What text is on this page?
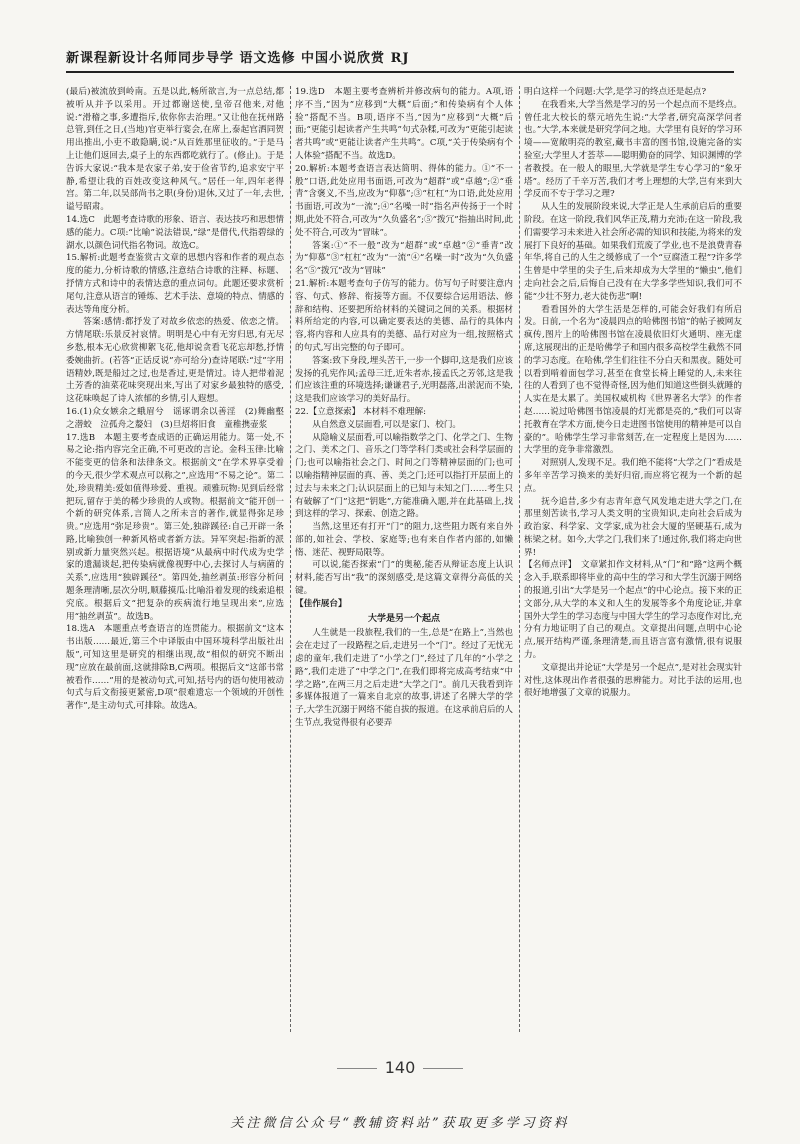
新课程新设计名师同步导学 语文选修 中国小说欣赏 RJ

(最后)被流放到岭南。五是以此,畅所欲言,为一点总结,都被听从并予以采用。开过都谢送使,皇帝召他来,对他说:“滑稽之事,多遭指斥,依你你去治理。”又让他在抚州路总管,到任之日,(当地)官吏举行宴会,在席上,泰起官洒同贺用出推出,小吏不敢隐瞒,说:“从百姓那里征收的。”于是马上让他们返回去,桌子上的东西都吃就行了。(修止)。于是告诉大家说:“我本是农家子弟,安于俭省节约,追求安宁平静,希望让我的百姓改变这种风气。”居任一年,四年老得宫。第二年,以吴部尚书之职(身份)退休,又过了一年,去世,谥号昭肃。

14.选C　此题考查诗歌的形象、语言、表达技巧和思想情感的能力。C项:“比喻”说法错误,“绿”是借代,代指碧绿的湖水,以颜色词代指名物词。故选C。

15.解析:此题考查鉴赏古文章的思想内容和作者的观点态度的能力,分析诗歌的情感,注意结合诗歌的注释、标题、抒情方式和诗中的表情达意的重点词句。此题还要求赏析尾句,注意从语言的锤炼、艺术手法、意境的特点、情感的表达等角度分析。

答案:感情:都抒发了对故乡依恋的热爱、依恋之情。方情尾联:乐景反衬哀情。明明是心中有无穷归思,有无尽乡愁,根本无心欣赏柳絮飞花,他却说贪看飞花忘却愁,抒情委婉曲折。(若答“正话反说”亦可给分)查诗尾联:“过”字用语精妙,既是船过之过,也是香过,更是情过。诗人把带着泥土芳香的油菜花味突现出来,写出了对家乡最独特的感受,这花味唤起了诗人浓郁的乡情,引人遐想。

16.(1)众女嫉余之蛾眉兮　谣诼谓余以善淫　(2)舞幽壑之潜蛟　泣孤舟之嫠妇　(3)旦炤将旧食　童稚携壶浆

17.选B　本题主要考查成语的正确运用能力。第一处,不易之论:指内容完全正确,不可更改的言论。金科玉律:比喻不能变更的信条和法律条文。根据前文“在学术界享受着的今天,很少学术观点可以称之”,应选用“不易之论”。第二处,珍贵精美:爱如值得珍爱、重视。顽雅玩物:见到后经常把玩,留存于美的稀少珍贵的人或物。根据前文“能开创一个新的研究体系,言简人之所未言的著作,就显得弥足珍贵。”应选用“弥足珍贵”。第三处,独辟蹊径:自己开辟一条路,比喻独创一种新风格或者新方法。异军突起:指新的派别或新力量突然兴起。根据语境“从最病中时代成为史学家的遗漏谈起,把传染病就像视野中心,去探讨人与病菌的关系”,应选用“独辟蹊径”。第四处,抽丝剥茧:形容分析问题条理清晰,层次分明,顺藤摸瓜:比喻沿着发现的线索追根究底。根据后文“把复杂的疾病流行地呈现出来”,应选用“抽丝剥茧”。故选B。

18.选A　本题重点考查语言的连贯能力。根据前文“这本书出版……最近,第三个中译版由中国环境科学出版社出版”,可知这里是研究的相继出现,故“相似的研究不断出现”应放在最前面,这就排除B,C两项。根据后文“这部书常被看作……”用的是被动句式,可知,括号内的语句使用被动句式与后文衔接更紧密,D项“很难遗忘一个领域的开创性著作”,是主动句式,可排除。故选A。

19.选D　本题主要考查辨析并修改病句的能力。A项,语序不当,“因为”应移到“大概”后面;“和传染病有个人体验”搭配不当。B项,语序不当,“因为”应移到“大概”后面;“更能引起读者产生共鸣”句式杂糅,可改为“更能引起读者共鸣”或“更能让读者产生共鸣”。C项,“关于传染病有个人体验”搭配不当。故选D。

20.解析:本题考查语言表达简明、得体的能力。①“不一般”口语,此处应用书面语,可改为“超群”或“卓越”;②“垂青”含褒义,不当,应改为“仰慕”;③“杠杠”为口语,此处应用书面语,可改为“一流”;④“名噪一时”指名声传扬于一个时期,此处不符合,可改为“久负盛名”;⑤“拨冗”指抽出时间,此处不符合,可改为“冒昧”。

答案:①“不一般”改为“超群”或“卓越”②“垂青”改为“仰慕”③“杠杠”改为“一流”④“名噪一时”改为“久负盛名”⑤“拨冗”改为“冒昧”

21.解析:本题考查句子仿写的能力。仿写句子时要注意内容、句式、修辞、衔接等方面。不仅要综合运用语法、修辞和结构、还要把所给材料的关键词之间的关系。根据材料所给定的内容,可以确定要表达的美德、品行的具体内容,将内容和人应具有的美德、品行对应为一组,按照格式的句式,写出完整的句子即可。

答案:致下身段,埋头苦干,一步一个脚印,这是我们应该发扬的孔宪作风;孟母三迁,近朱者赤,接孟氏之芳邻,这是我们应该注重的环境选择;谦谦君子,光明磊落,出淤泥而不染,这是我们应该学习的美好品行。

22.【立意探索】 本材料不难理解:

从自然意义层面看,可以是家门、校门。

从隐喻义层面看,可以喻指数学之门、化学之门、生物之门、美术之门、音乐之门等学科门类或社会科学层面的门;也可以喻指社会之门、时间之门等精神层面的门;也可以喻指精神层面的真、善、美之门;还可以指打开层面上的过去与未来之门;认识层面上的已知与未知之门……考生只有破解了“门”这把“钥匙”,方能准确入题,并在此基础上,找到这样的学习、探索、创造之路。

当然,这里还有打开“门”的阻力,这些阻力既有来自外部的,如社会、学校、家庭等;也有来自作者内部的,如懒惰、迷茫、视野局限等。

可以说,能否探索“门”的奥秘,能否从辩证态度上认识材料,能否写出“我”的深刻感受,是这篇文章得分高低的关键。

【佳作展台】

大学是另一个起点

人生就是一段旅程,我们的一生,总是“在路上”,当然也会在走过了一段路程之后,走进另一个“门”。经过了无忧无虑的童年,我们走进了“小学之门”,经过了几年的“小学之路”,我们走进了“中学之门”,在我们即将完成高考结束“中学之路”,在两三月之后走进“大学之门”。前几天我看到许多媒体报道了一篇来自北京的故事,讲述了名牌大学的学子,大学生沉溺于网络不能自拔的报道。在这承前启后的人生节点,我觉得很有必要弄

明白这样一个问题:大学,是学习的终点还是起点?

在我看来,大学当然是学习的另一个起点而不是终点。曾任北大校长的蔡元培先生说:“大学者,研究高深学问者也。”大学,本来就是研究学问之地。大学里有良好的学习环境——宽敞明亮的教室,藏书丰富的图书馆,设施完备的实验室;大学里人才荟萃——聪明勤奋的同学、知识渊博的学者教授。在一般人的眼里,大学就是学生专心学习的“象牙塔”。经历了千辛万苦,我们才考上理想的大学,岂有来到大学反而不专于学习之理?

从人生的发展阶段来说,大学正是人生承前启后的重要阶段。在这一阶段,我们风华正茂,精力充沛;在这一阶段,我们需要学习未来进入社会所必需的知识和技能,为将来的发展打下良好的基础。如果我们荒废了学业,也不是浪费青春年华,将自己的人生之缓修成了一个“豆腐渣工程”?许多学生曾是中学里的尖子生,后来却成为大学里的“懒虫”,他们走向社会之后,后悔自己没有在大学多学些知识,我们可不能“少壮不努力,老大徒伤悲”啊!

看看国外的大学生活是怎样的,可能会好我们有所启发。日前,一个名为“凌晨四点的哈佛图书馆”的帖子被网友疯传,图片上的哈佛图书馆在凌晨依旧灯火通明、座无虚席,这展现出的正是哈佛学子和国内很多高校学生截然不同的学习态度。在哈佛,学生们往往不分白天和黑夜。随处可以看到啃着面包学习,甚至在食堂长椅上睡觉的人,未来往往的人看到了也不觉得奇怪,因为他们知道这些倒头就睡的人实在是太累了。美国权威机构《世界著名大学》的作者赵……说过哈佛图书馆凌晨的灯光都是亮的,“我们可以寄托教育在学术方面,使今日走进图书馆使用的精神是可以自豪的”。哈佛学生学习非常刻苦,在一定程度上是因为……大学里的竞争非常激烈。

对照别人,发现不足。我们绝不能将“大学之门”看成是多年辛苦学习换来的美好归宿,而应将它视为一个新的起点。

抚今追昔,多少有志青年意气风发地走进大学之门,在那里刻苦读书,学习人类文明的宝贵知识,走向社会后成为政治家、科学家、文学家,成为社会大厦的坚硬基石,成为栋梁之材。如今,大学之门,我们来了!通过你,我们将走向世界!

【名师点评】　文章紧扣作文材料,从“门”和“路”这两个概念入手,联系即将毕业的高中生的学习和大学生沉溺于网络的报道,引出“大学是另一个起点”的中心论点。接下来的正文部分,从大学的本义和人生的发展等多个角度论证,并拿国外大学生的学习态度与中国大学生的学习态度作对比,充分有力地证明了自己的观点。文章提出问题,点明中心论点,展开结构严谨,条理清楚,而且语言富有激情,很有说服力。

文章提出并论证“大学是另一个起点”,是对社会现实针对性,这体现出作者很强的思辨能力。对比手法的运用,也很好地增强了文章的说服力。

140
关注微信公众号“教辅资料站”获取更多学习资料
